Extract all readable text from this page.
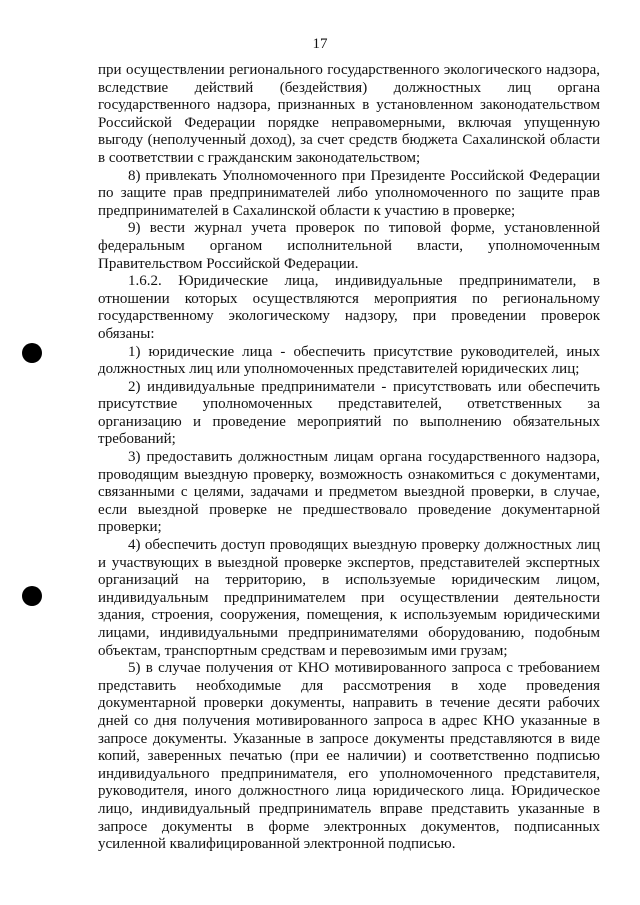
17

при осуществлении регионального государственного экологического надзора, вследствие действий (бездействия) должностных лиц органа государственного надзора, признанных в установленном законодательством Российской Федерации порядке неправомерными, включая упущенную выгоду (неполученный доход), за счет средств бюджета Сахалинской области в соответствии с гражданским законодательством;

8) привлекать Уполномоченного при Президенте Российской Федерации по защите прав предпринимателей либо уполномоченного по защите прав предпринимателей в Сахалинской области к участию в проверке;

9) вести журнал учета проверок по типовой форме, установленной федеральным органом исполнительной власти, уполномоченным Правительством Российской Федерации.

1.6.2. Юридические лица, индивидуальные предприниматели, в отношении которых осуществляются мероприятия по региональному государственному экологическому надзору, при проведении проверок обязаны:

1) юридические лица - обеспечить присутствие руководителей, иных должностных лиц или уполномоченных представителей юридических лиц;

2) индивидуальные предприниматели - присутствовать или обеспечить присутствие уполномоченных представителей, ответственных за организацию и проведение мероприятий по выполнению обязательных требований;

3) предоставить должностным лицам органа государственного надзора, проводящим выездную проверку, возможность ознакомиться с документами, связанными с целями, задачами и предметом выездной проверки, в случае, если выездной проверке не предшествовало проведение документарной проверки;

4) обеспечить доступ проводящих выездную проверку должностных лиц и участвующих в выездной проверке экспертов, представителей экспертных организаций на территорию, в используемые юридическим лицом, индивидуальным предпринимателем при осуществлении деятельности здания, строения, сооружения, помещения, к используемым юридическими лицами, индивидуальными предпринимателями оборудованию, подобным объектам, транспортным средствам и перевозимым ими грузам;

5) в случае получения от КНО мотивированного запроса с требованием представить необходимые для рассмотрения в ходе проведения документарной проверки документы, направить в течение десяти рабочих дней со дня получения мотивированного запроса в адрес КНО указанные в запросе документы. Указанные в запросе документы представляются в виде копий, заверенных печатью (при ее наличии) и соответственно подписью индивидуального предпринимателя, его уполномоченного представителя, руководителя, иного должностного лица юридического лица. Юридическое лицо, индивидуальный предприниматель вправе представить указанные в запросе документы в форме электронных документов, подписанных усиленной квалифицированной электронной подписью.
